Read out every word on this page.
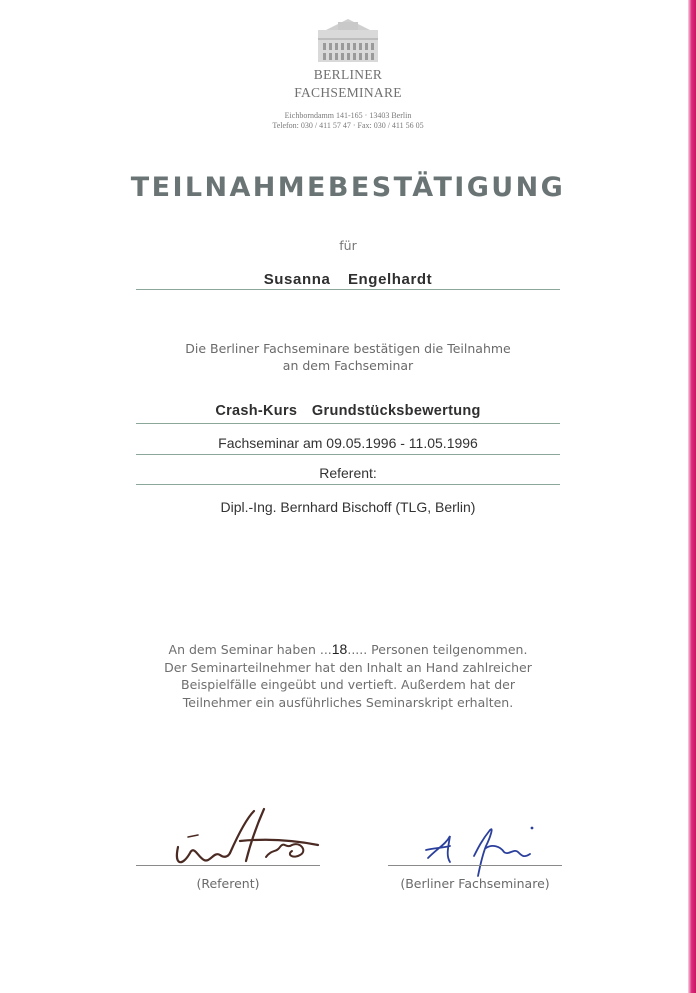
BERLINER
FACHSEMINARE
Eichborndamm 141-165 · 13403 Berlin
Telefon: 030 / 411 57 47 · Fax: 030 / 411 56 05
TEILNAHMEBESTÄTIGUNG
für
Susanna  Engelhardt
Die Berliner Fachseminare bestätigen die Teilnahme
an dem Fachseminar
Crash-Kurs  Grundstücksbewertung
Fachseminar am 09.05.1996 - 11.05.1996
Referent:
Dipl.-Ing. Bernhard Bischoff (TLG, Berlin)
An dem Seminar haben ...18..... Personen teilgenommen.
Der Seminarteilnehmer hat den Inhalt an Hand zahlreicher
Beispielfälle eingeübt und vertieft. Außerdem hat der
Teilnehmer ein ausführliches Seminarskript erhalten.
(Referent)	(Berliner Fachseminare)
